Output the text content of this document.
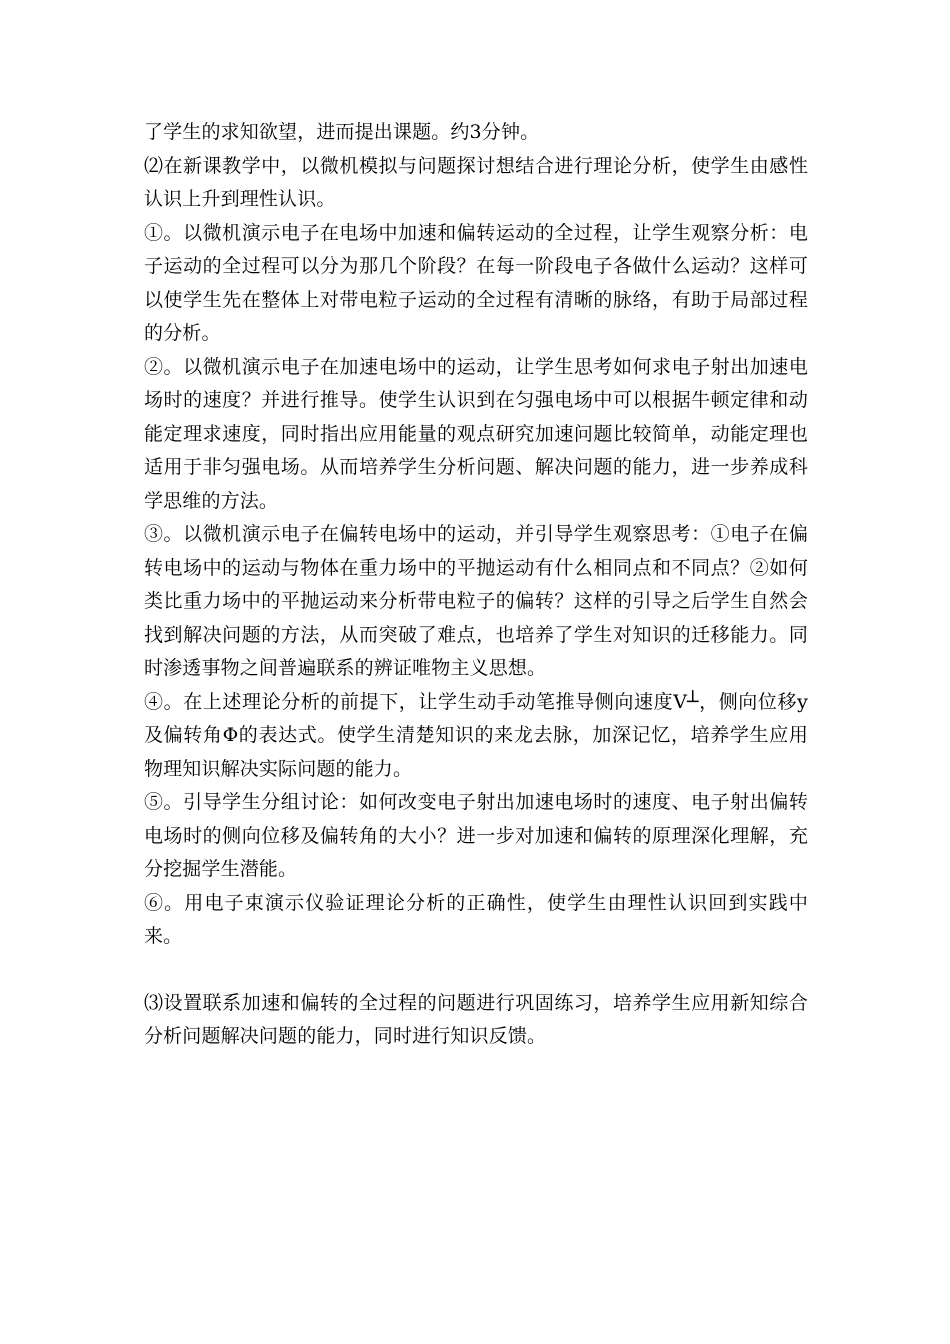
了学生的求知欲望，进而提出课题。约3分钟。

⑵在新课教学中，以微机模拟与问题探讨想结合进行理论分析，使学生由感性认识上升到理性认识。

①。以微机演示电子在电场中加速和偏转运动的全过程，让学生观察分析：电子运动的全过程可以分为那几个阶段？在每一阶段电子各做什么运动？这样可以使学生先在整体上对带电粒子运动的全过程有清晰的脉络，有助于局部过程的分析。

②。以微机演示电子在加速电场中的运动，让学生思考如何求电子射出加速电场时的速度？并进行推导。使学生认识到在匀强电场中可以根据牛顿定律和动能定理求速度，同时指出应用能量的观点研究加速问题比较简单，动能定理也适用于非匀强电场。从而培养学生分析问题、解决问题的能力，进一步养成科学思维的方法。

③。以微机演示电子在偏转电场中的运动，并引导学生观察思考：①电子在偏转电场中的运动与物体在重力场中的平抛运动有什么相同点和不同点？②如何类比重力场中的平抛运动来分析带电粒子的偏转？这样的引导之后学生自然会找到解决问题的方法，从而突破了难点，也培养了学生对知识的迁移能力。同时渗透事物之间普遍联系的辨证唯物主义思想。

④。在上述理论分析的前提下，让学生动手动笔推导侧向速度V┴，侧向位移y及偏转角Φ的表达式。使学生清楚知识的来龙去脉，加深记忆，培养学生应用物理知识解决实际问题的能力。

⑤。引导学生分组讨论：如何改变电子射出加速电场时的速度、电子射出偏转电场时的侧向位移及偏转角的大小？进一步对加速和偏转的原理深化理解，充分挖掘学生潜能。

⑥。用电子束演示仪验证理论分析的正确性，使学生由理性认识回到实践中来。

⑶设置联系加速和偏转的全过程的问题进行巩固练习，培养学生应用新知综合分析问题解决问题的能力，同时进行知识反馈。
